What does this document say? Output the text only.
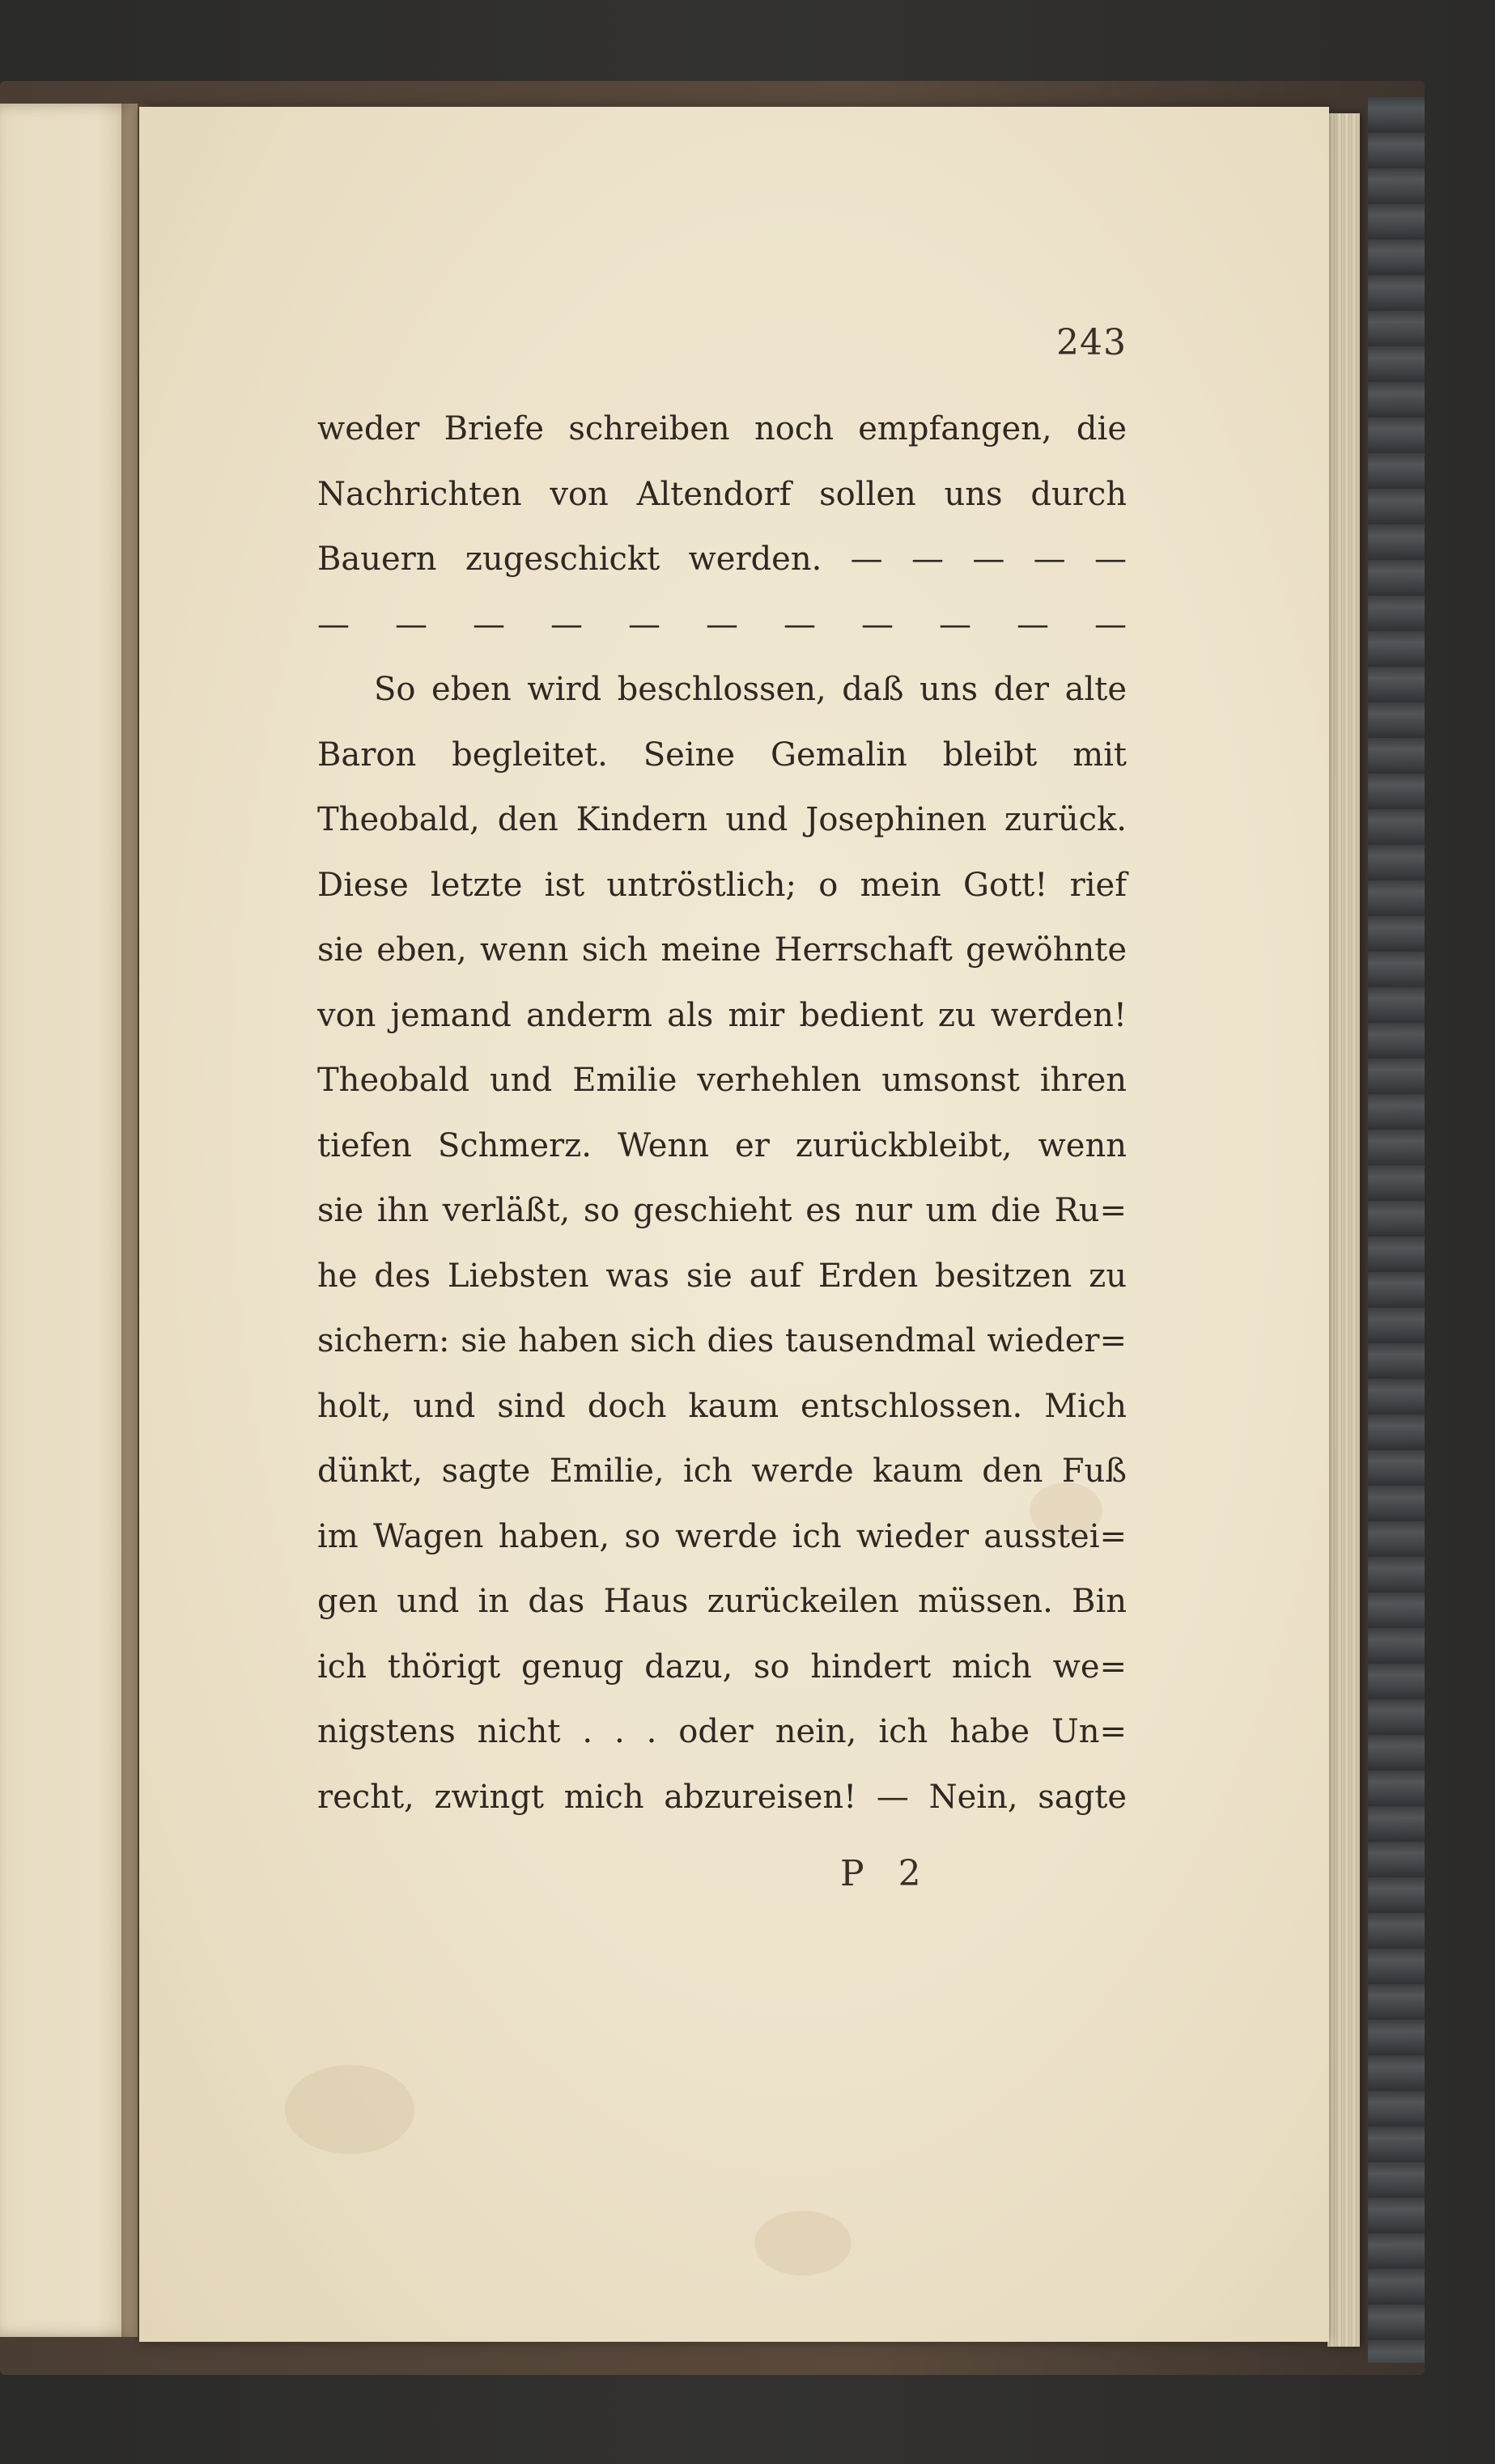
243
weder Briefe schreiben noch empfangen, die
Nachrichten von Altendorf sollen uns durch
Bauern zugeschickt werden. — — — — —
— — — — — — — — — — —
So eben wird beschlossen, daß uns der alte
Baron begleitet. Seine Gemalin bleibt mit
Theobald, den Kindern und Josephinen zurück.
Diese letzte ist untröstlich; o mein Gott! rief
sie eben, wenn sich meine Herrschaft gewöhnte
von jemand anderm als mir bedient zu werden!
Theobald und Emilie verhehlen umsonst ihren
tiefen Schmerz. Wenn er zurückbleibt, wenn
sie ihn verläßt, so geschieht es nur um die Ru=
he des Liebsten was sie auf Erden besitzen zu
sichern: sie haben sich dies tausendmal wieder=
holt, und sind doch kaum entschlossen. Mich
dünkt, sagte Emilie, ich werde kaum den Fuß
im Wagen haben, so werde ich wieder ausstei=
gen und in das Haus zurückeilen müssen. Bin
ich thörigt genug dazu, so hindert mich we=
nigstens nicht . . . oder nein, ich habe Un=
recht, zwingt mich abzureisen! — Nein, sagte
P 2
